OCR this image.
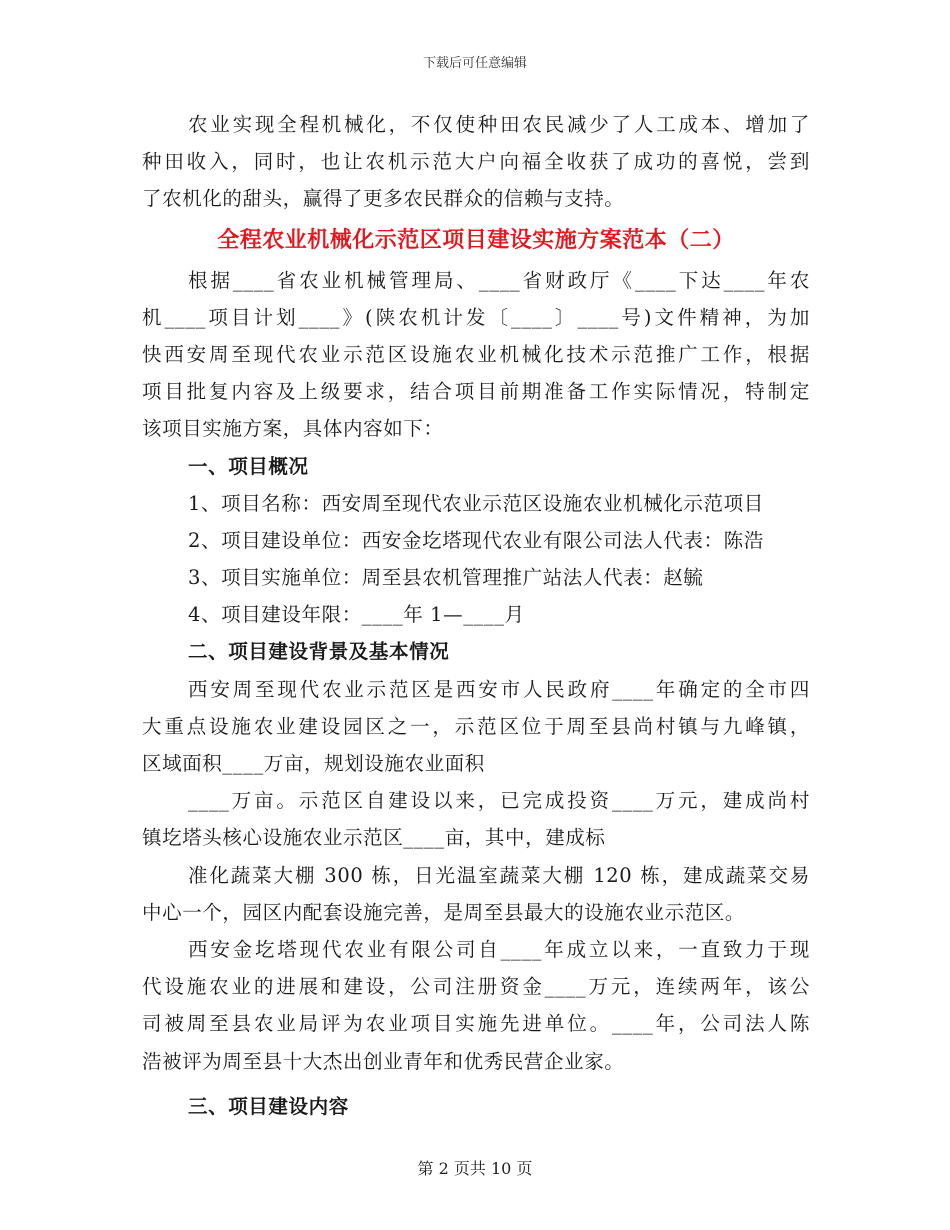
下载后可任意编辑
农业实现全程机械化，不仅使种田农民减少了人工成本、增加了
种田收入，同时，也让农机示范大户向福全收获了成功的喜悦，尝到
了农机化的甜头，赢得了更多农民群众的信赖与支持。
全程农业机械化示范区项目建设实施方案范本（二）
根据____省农业机械管理局、____省财政厅《____下达____年农
机____项目计划____》(陕农机计发〔____〕____号)文件精神，为加
快西安周至现代农业示范区设施农业机械化技术示范推广工作，根据
项目批复内容及上级要求，结合项目前期准备工作实际情况，特制定
该项目实施方案，具体内容如下：
一、项目概况
1、项目名称：西安周至现代农业示范区设施农业机械化示范项目
2、项目建设单位：西安金圪塔现代农业有限公司法人代表：陈浩
3、项目实施单位：周至县农机管理推广站法人代表：赵毓
4、项目建设年限：____年 1—____月
二、项目建设背景及基本情况
西安周至现代农业示范区是西安市人民政府____年确定的全市四
大重点设施农业建设园区之一，示范区位于周至县尚村镇与九峰镇，
区域面积____万亩，规划设施农业面积
____万亩。示范区自建设以来，已完成投资____万元，建成尚村
镇圪塔头核心设施农业示范区____亩，其中，建成标
准化蔬菜大棚 300 栋，日光温室蔬菜大棚 120 栋，建成蔬菜交易
中心一个，园区内配套设施完善，是周至县最大的设施农业示范区。
西安金圪塔现代农业有限公司自____年成立以来，一直致力于现
代设施农业的进展和建设，公司注册资金____万元，连续两年，该公
司被周至县农业局评为农业项目实施先进单位。____年，公司法人陈
浩被评为周至县十大杰出创业青年和优秀民营企业家。
三、项目建设内容
第 2 页共 10 页
